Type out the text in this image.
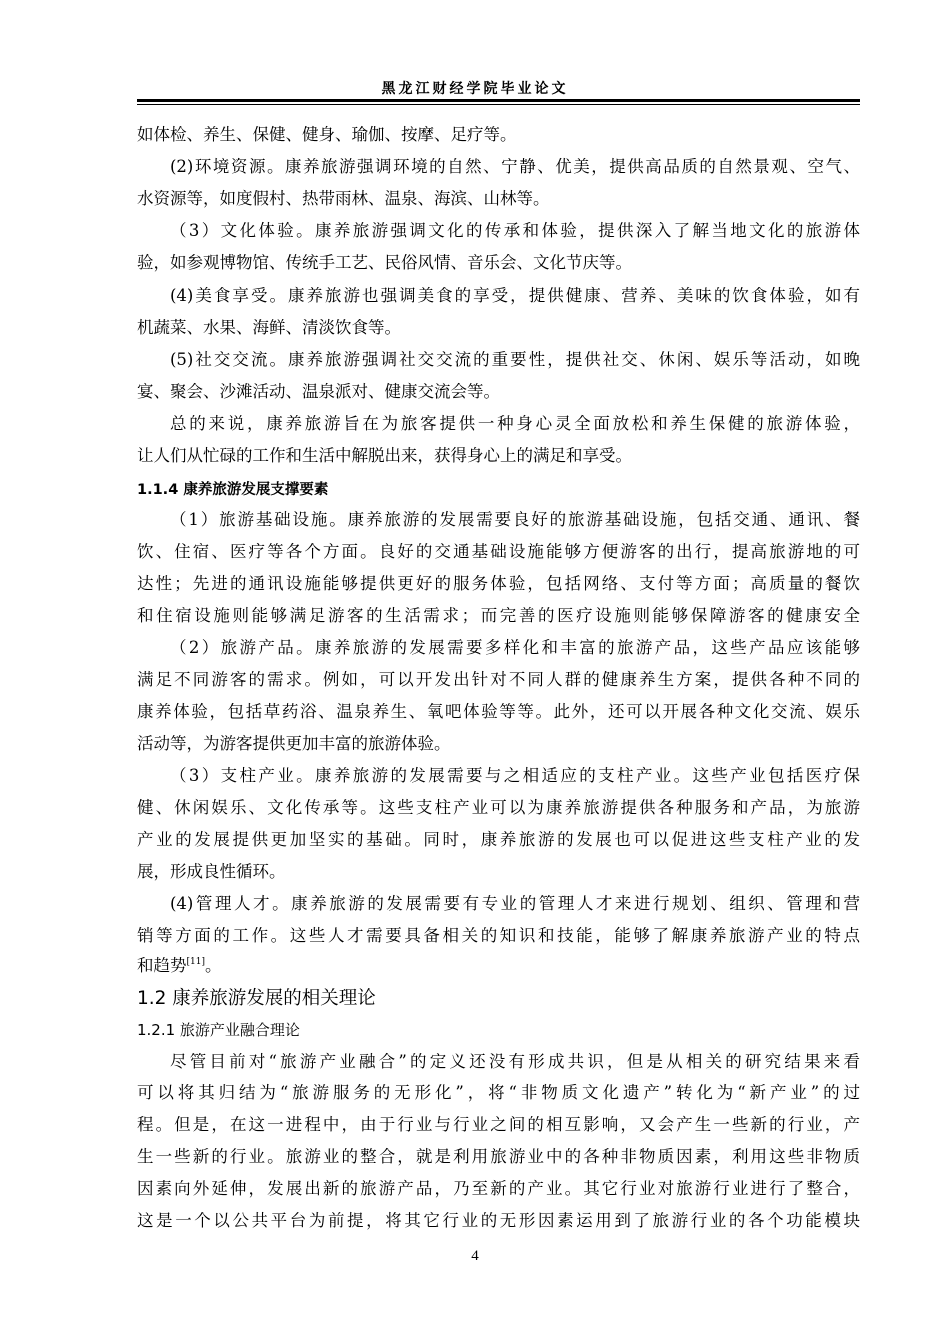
黑龙江财经学院毕业论文
如体检、养生、保健、健身、瑜伽、按摩、足疗等。
(2)环境资源。康养旅游强调环境的自然、宁静、优美，提供高品质的自然景观、空气、
水资源等，如度假村、热带雨林、温泉、海滨、山林等。
（3）文化体验。康养旅游强调文化的传承和体验，提供深入了解当地文化的旅游体
验，如参观博物馆、传统手工艺、民俗风情、音乐会、文化节庆等。
(4)美食享受。康养旅游也强调美食的享受，提供健康、营养、美味的饮食体验，如有
机蔬菜、水果、海鲜、清淡饮食等。
(5)社交交流。康养旅游强调社交交流的重要性，提供社交、休闲、娱乐等活动，如晚
宴、聚会、沙滩活动、温泉派对、健康交流会等。
总的来说，康养旅游旨在为旅客提供一种身心灵全面放松和养生保健的旅游体验，
让人们从忙碌的工作和生活中解脱出来，获得身心上的满足和享受。
1.1.4 康养旅游发展支撑要素
（1）旅游基础设施。康养旅游的发展需要良好的旅游基础设施，包括交通、通讯、餐
饮、住宿、医疗等各个方面。良好的交通基础设施能够方便游客的出行，提高旅游地的可
达性；先进的通讯设施能够提供更好的服务体验，包括网络、支付等方面；高质量的餐饮
和住宿设施则能够满足游客的生活需求；而完善的医疗设施则能够保障游客的健康安全
（2）旅游产品。康养旅游的发展需要多样化和丰富的旅游产品，这些产品应该能够
满足不同游客的需求。例如，可以开发出针对不同人群的健康养生方案，提供各种不同的
康养体验，包括草药浴、温泉养生、氧吧体验等等。此外，还可以开展各种文化交流、娱乐
活动等，为游客提供更加丰富的旅游体验。
（3）支柱产业。康养旅游的发展需要与之相适应的支柱产业。这些产业包括医疗保
健、休闲娱乐、文化传承等。这些支柱产业可以为康养旅游提供各种服务和产品，为旅游
产业的发展提供更加坚实的基础。同时，康养旅游的发展也可以促进这些支柱产业的发
展，形成良性循环。
(4)管理人才。康养旅游的发展需要有专业的管理人才来进行规划、组织、管理和营
销等方面的工作。这些人才需要具备相关的知识和技能，能够了解康养旅游产业的特点
和趋势[11]。
1.2 康养旅游发展的相关理论
1.2.1 旅游产业融合理论
尽管目前对“旅游产业融合”的定义还没有形成共识，但是从相关的研究结果来看
可以将其归结为“旅游服务的无形化”，将“非物质文化遗产”转化为“新产业”的过
程。但是，在这一进程中，由于行业与行业之间的相互影响，又会产生一些新的行业，产
生一些新的行业。旅游业的整合，就是利用旅游业中的各种非物质因素，利用这些非物质
因素向外延伸，发展出新的旅游产品，乃至新的产业。其它行业对旅游行业进行了整合，
这是一个以公共平台为前提，将其它行业的无形因素运用到了旅游行业的各个功能模块
4
